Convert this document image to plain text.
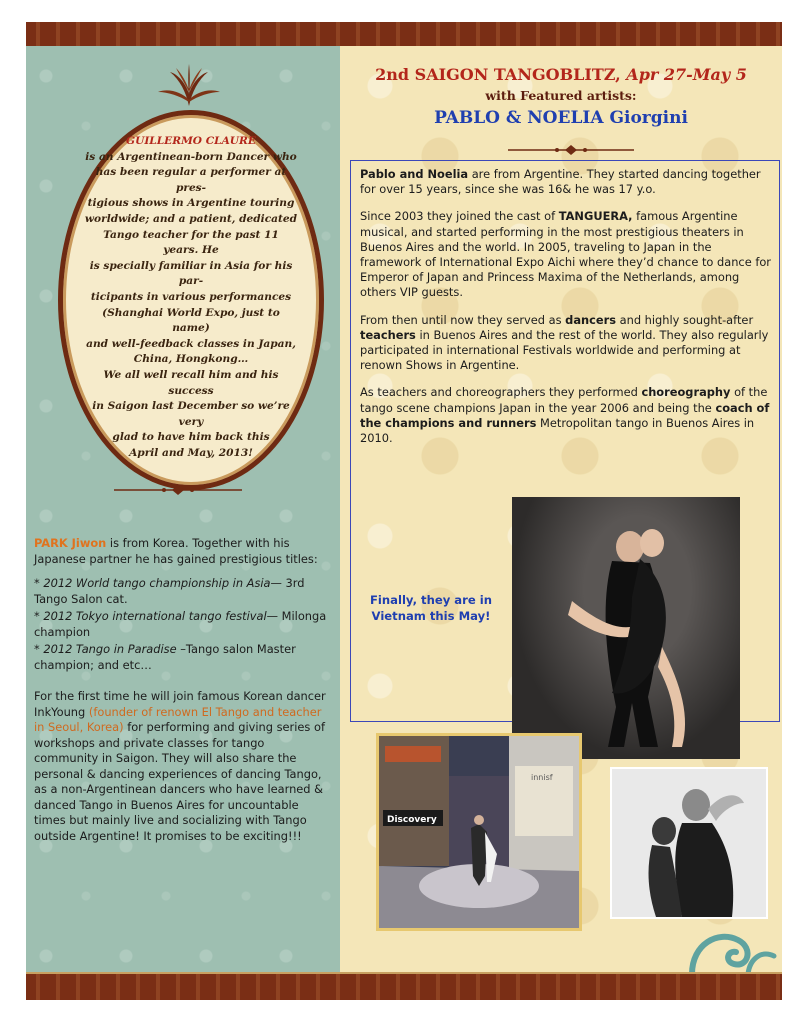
GUILLERMO CLAURE
is an Argentinean-born Dancer who
has been regular a performer at pres-
tigious shows in Argentine touring
worldwide; and a patient, dedicated
Tango teacher for the past 11 years. He
is specially familiar in Asia for his par-
ticipants in various performances
(Shanghai World Expo, just to name)
and well-feedback classes in Japan,
China, Hongkong…
We all well recall him and his success
in Saigon last December so we’re very
glad to have him back this
April and May, 2013!

PARK Jiwon is from Korea. Together with his Japanese partner he has gained prestigious titles:

* 2012 World tango championship in Asia— 3rd Tango Salon cat.

* 2012 Tokyo international tango festival— Milonga champion

* 2012 Tango in Paradise –Tango salon Master champion; and etc…

For the first time he will join famous Korean dancer InkYoung (founder of renown El Tango and teacher in Seoul, Korea) for performing and giving series of workshops and private classes for tango community in Saigon. They will also share the personal & dancing experiences of dancing Tango, as a non-Argentinean dancers who have learned & danced Tango in Buenos Aires for uncountable times but mainly live and socializing with Tango outside Argentine! It promises to be exciting!!!

2nd SAIGON TANGOBLITZ, Apr 27-May 5
with Featured artists:
PABLO & NOELIA Giorgini

Pablo and Noelia are from Argentine. They started dancing together for over 15 years, since she was 16& he was 17 y.o.

Since 2003 they joined the cast of TANGUERA, famous Argentine musical, and started performing in the most prestigious theaters in Buenos Aires and the world. In 2005, traveling to Japan in the framework of International Expo Aichi where they’d chance to dance for Emperor of Japan and Princess Maxima of the Netherlands, among others VIP guests.

From then until now they served as dancers and highly sought-after teachers in Buenos Aires and the rest of the world. They also regularly participated in international Festivals worldwide and performing at renown Shows in Argentine.

As teachers and choreographers they performed choreography of the tango scene champions Japan in the year 2006 and being the coach of the champions and runners Metropolitan tango in Buenos Aires in 2010.

Finally, they are in Vietnam this May!
Discovery
innisf
